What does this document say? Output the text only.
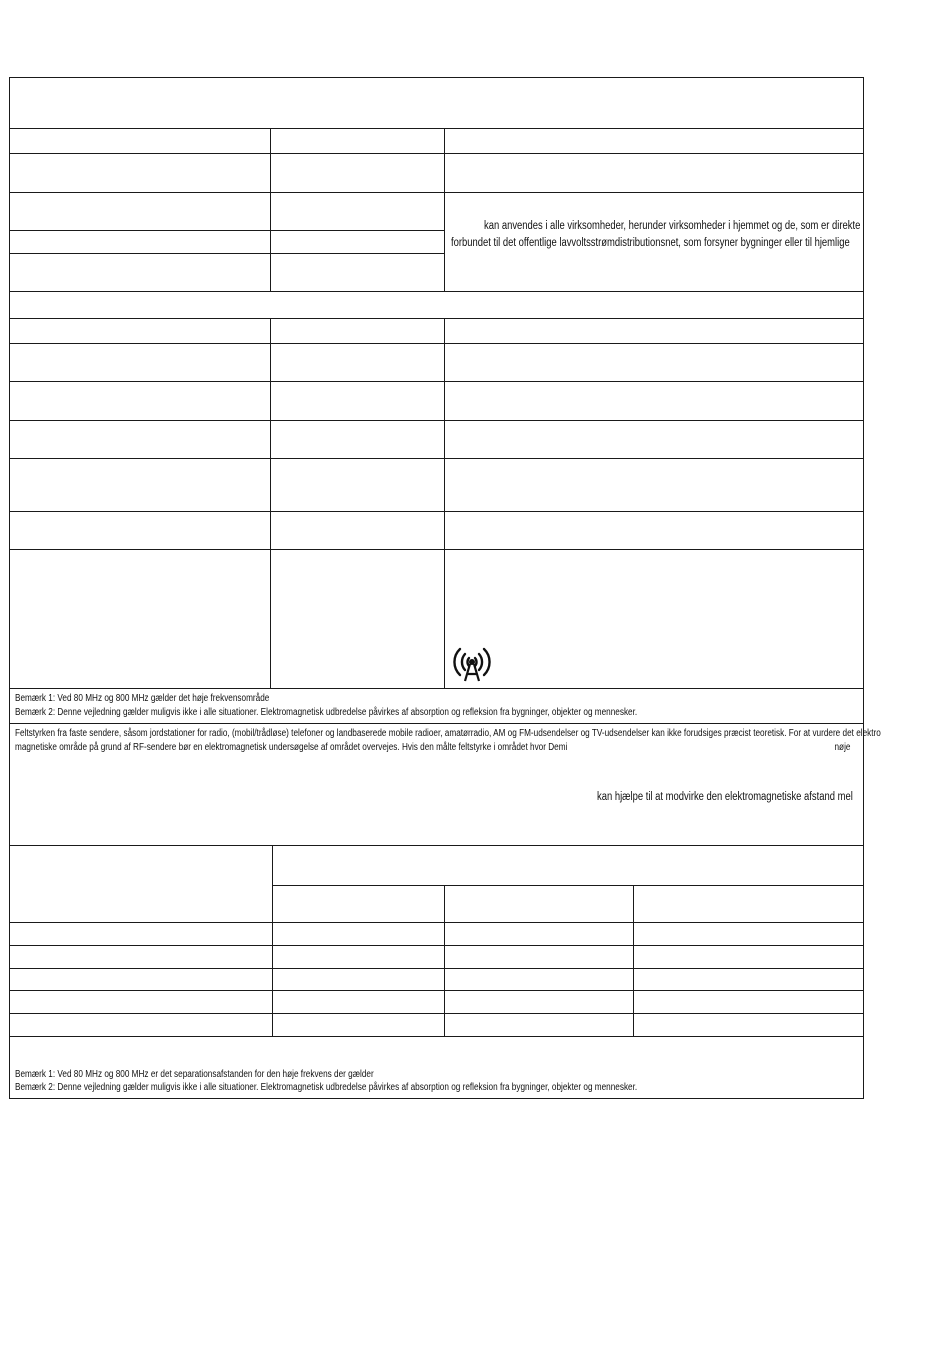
kan anvendes i alle virksomheder, herunder virksomheder i hjemmet og de, som er direkte
forbundet til det offentlige lavvoltsstrømdistributionsnet, som forsyner bygninger eller til hjemlige
Bemærk 1: Ved 80 MHz og 800 MHz gælder det høje frekvensområde
Bemærk 2: Denne vejledning gælder muligvis ikke i alle situationer. Elektromagnetisk udbredelse påvirkes af absorption og refleksion fra bygninger, objekter og mennesker.
Feltstyrken fra faste sendere, såsom jordstationer for radio, (mobil/trådløse) telefoner og landbaserede mobile radioer, amatørradio, AM og FM-udsendelser og TV-udsendelser kan ikke forudsiges præcist teoretisk. For at vurdere det elektro
magnetiske område på grund af RF-sendere bør en elektromagnetisk undersøgelse af området overvejes. Hvis den målte feltstyrke i området hvor Demi	nøje
kan hjælpe til at modvirke den elektromagnetiske afstand mel
Bemærk 1: Ved 80 MHz og 800 MHz er det separationsafstanden for den høje frekvens der gælder
Bemærk 2: Denne vejledning gælder muligvis ikke i alle situationer. Elektromagnetisk udbredelse påvirkes af absorption og refleksion fra bygninger, objekter og mennesker.
